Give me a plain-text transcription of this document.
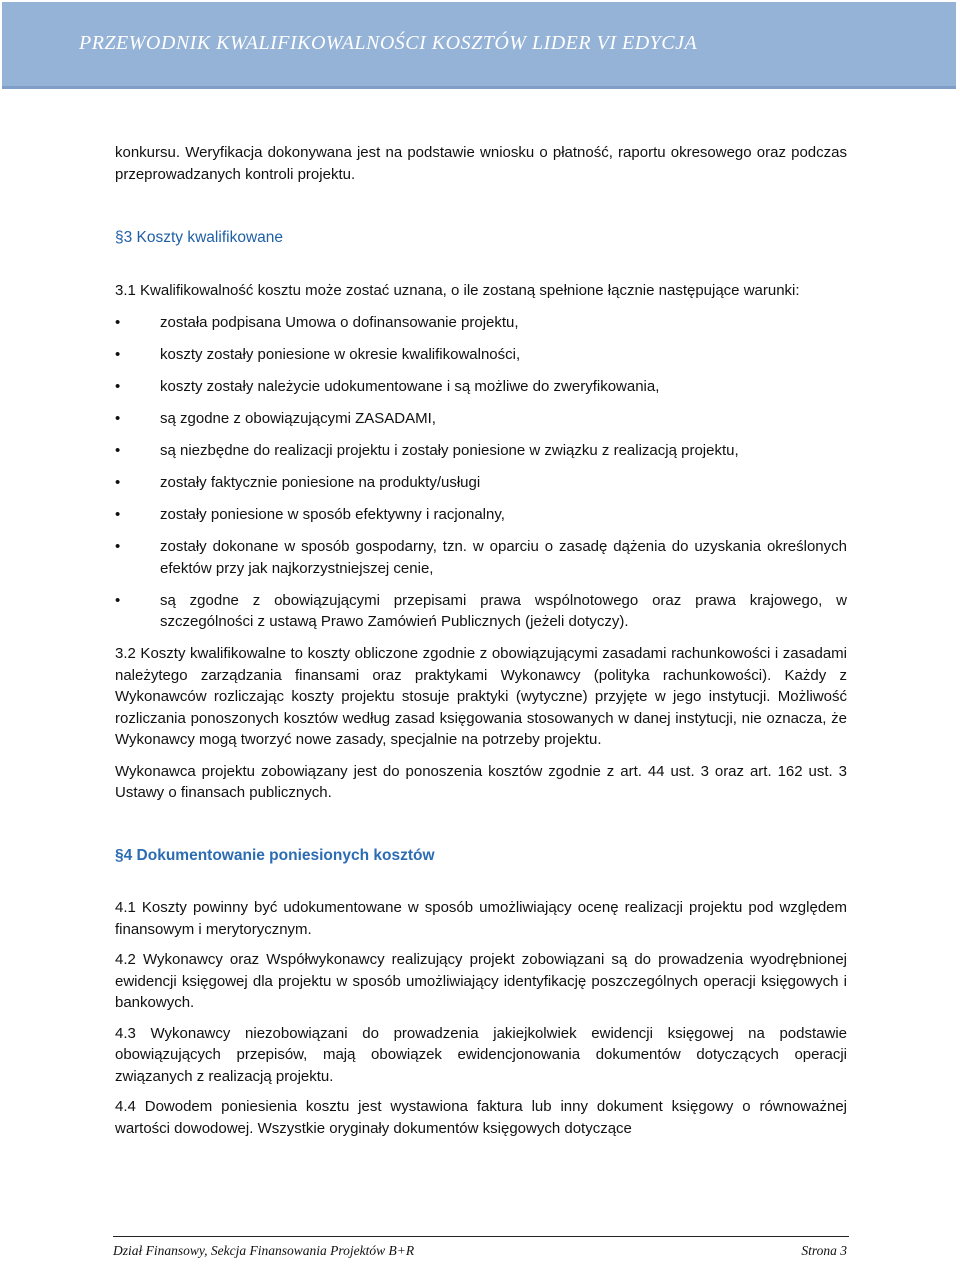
PRZEWODNIK KWALIFIKOWALNOŚCI KOSZTÓW LIDER VI EDYCJA

konkursu. Weryfikacja dokonywana jest na podstawie wniosku o płatność, raportu okresowego oraz podczas przeprowadzanych kontroli projektu.

§3 Koszty kwalifikowane

3.1 Kwalifikowalność kosztu może zostać uznana, o ile zostaną spełnione łącznie następujące warunki:

•	została podpisana Umowa o dofinansowanie projektu,
•	koszty zostały poniesione w okresie kwalifikowalności,
•	koszty zostały należycie udokumentowane i są możliwe do zweryfikowania,
•	są zgodne z obowiązującymi ZASADAMI,
•	są niezbędne do realizacji projektu i zostały poniesione w związku z realizacją projektu,
•	zostały faktycznie poniesione na produkty/usługi
•	zostały poniesione w sposób efektywny i racjonalny,
•	zostały dokonane w sposób gospodarny, tzn. w oparciu o zasadę dążenia do uzyskania określonych efektów przy jak najkorzystniejszej cenie,
•	są zgodne z obowiązującymi przepisami prawa wspólnotowego oraz prawa krajowego, w szczególności z ustawą Prawo Zamówień Publicznych (jeżeli dotyczy).

3.2 Koszty kwalifikowalne to koszty obliczone zgodnie z obowiązującymi zasadami rachunkowości i zasadami należytego zarządzania finansami oraz praktykami Wykonawcy (polityka rachunkowości). Każdy z Wykonawców rozliczając koszty projektu stosuje praktyki (wytyczne) przyjęte w jego instytucji. Możliwość rozliczania ponoszonych kosztów według zasad księgowania stosowanych w danej instytucji, nie oznacza, że Wykonawcy mogą tworzyć nowe zasady, specjalnie na potrzeby projektu.

Wykonawca projektu zobowiązany jest do ponoszenia kosztów zgodnie z art. 44 ust. 3 oraz art. 162 ust. 3 Ustawy o finansach publicznych.

§4 Dokumentowanie poniesionych kosztów

4.1 Koszty powinny być udokumentowane w sposób umożliwiający ocenę realizacji projektu pod względem finansowym i merytorycznym.

4.2 Wykonawcy oraz Współwykonawcy realizujący projekt zobowiązani są do prowadzenia wyodrębnionej ewidencji księgowej dla projektu w sposób umożliwiający identyfikację poszczególnych operacji księgowych i bankowych.

4.3 Wykonawcy niezobowiązani do prowadzenia jakiejkolwiek ewidencji księgowej na podstawie obowiązujących przepisów, mają obowiązek ewidencjonowania dokumentów dotyczących operacji związanych z realizacją projektu.

4.4 Dowodem poniesienia kosztu jest wystawiona faktura lub inny dokument księgowy o równoważnej wartości dowodowej. Wszystkie oryginały dokumentów księgowych dotyczące

Dział Finansowy, Sekcja Finansowania Projektów B+R	Strona 3
